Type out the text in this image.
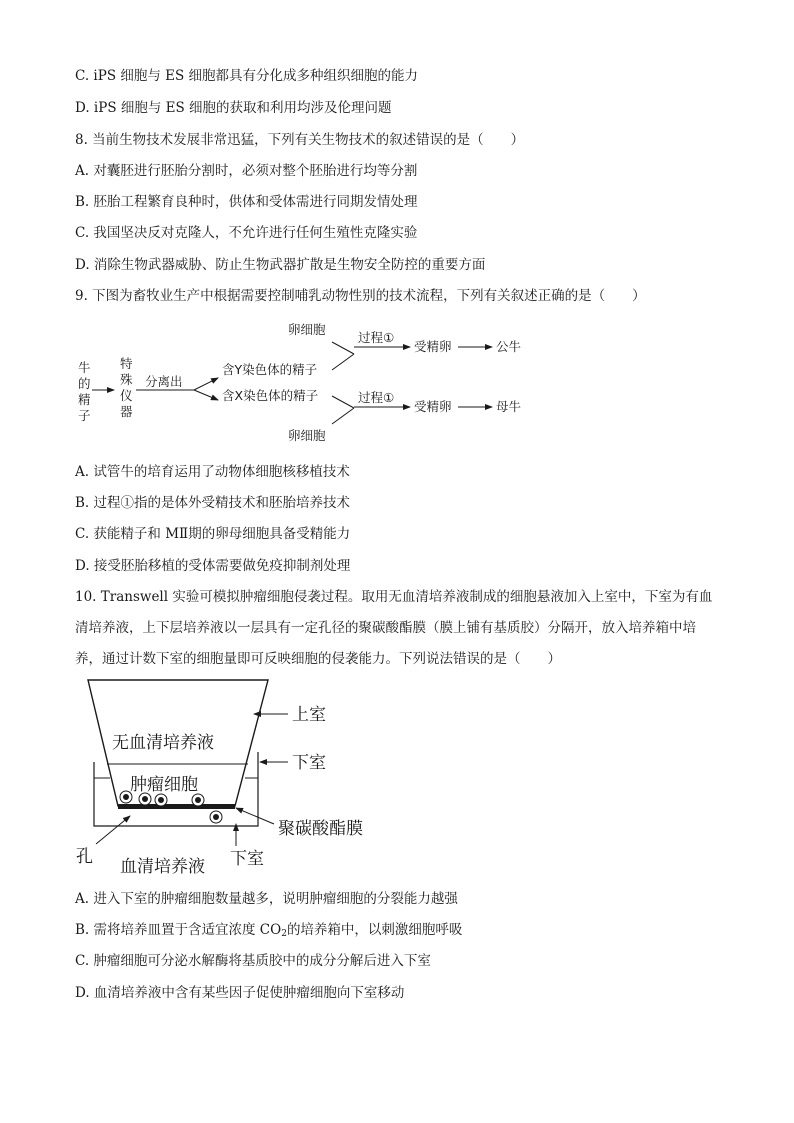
C. iPS 细胞与 ES 细胞都具有分化成多种组织细胞的能力
D. iPS 细胞与 ES 细胞的获取和利用均涉及伦理问题
8. 当前生物技术发展非常迅猛，下列有关生物技术的叙述错误的是（　　）
A. 对囊胚进行胚胎分割时，必须对整个胚胎进行均等分割
B. 胚胎工程繁育良种时，供体和受体需进行同期发情处理
C. 我国坚决反对克隆人，不允许进行任何生殖性克隆实验
D. 消除生物武器威胁、防止生物武器扩散是生物安全防控的重要方面
9. 下图为畜牧业生产中根据需要控制哺乳动物性别的技术流程，下列有关叙述正确的是（　　）
牛
的
精
子
特
殊
仪
器
分离出
含Y染色体的精子
含X染色体的精子
卵细胞
过程①
受精卵	公牛
卵细胞
过程①
受精卵	母牛
A. 试管牛的培育运用了动物体细胞核移植技术
B. 过程①指的是体外受精技术和胚胎培养技术
C. 获能精子和 MⅡ期的卵母细胞具备受精能力
D. 接受胚胎移植的受体需要做免疫抑制剂处理
10. Transwell 实验可模拟肿瘤细胞侵袭过程。取用无血清培养液制成的细胞悬液加入上室中，下室为有血
清培养液，上下层培养液以一层具有一定孔径的聚碳酸酯膜（膜上铺有基质胶）分隔开，放入培养箱中培
养，通过计数下室的细胞量即可反映细胞的侵袭能力。下列说法错误的是（　　）
无血清培养液
肿瘤细胞
血清培养液
上室
下室
聚碳酸酯膜
下室
孔
A. 进入下室的肿瘤细胞数量越多，说明肿瘤细胞的分裂能力越强
B. 需将培养皿置于含适宜浓度 $CO_2$的培养箱中，以刺激细胞呼吸
C. 肿瘤细胞可分泌水解酶将基质胶中的成分分解后进入下室
D. 血清培养液中含有某些因子促使肿瘤细胞向下室移动
